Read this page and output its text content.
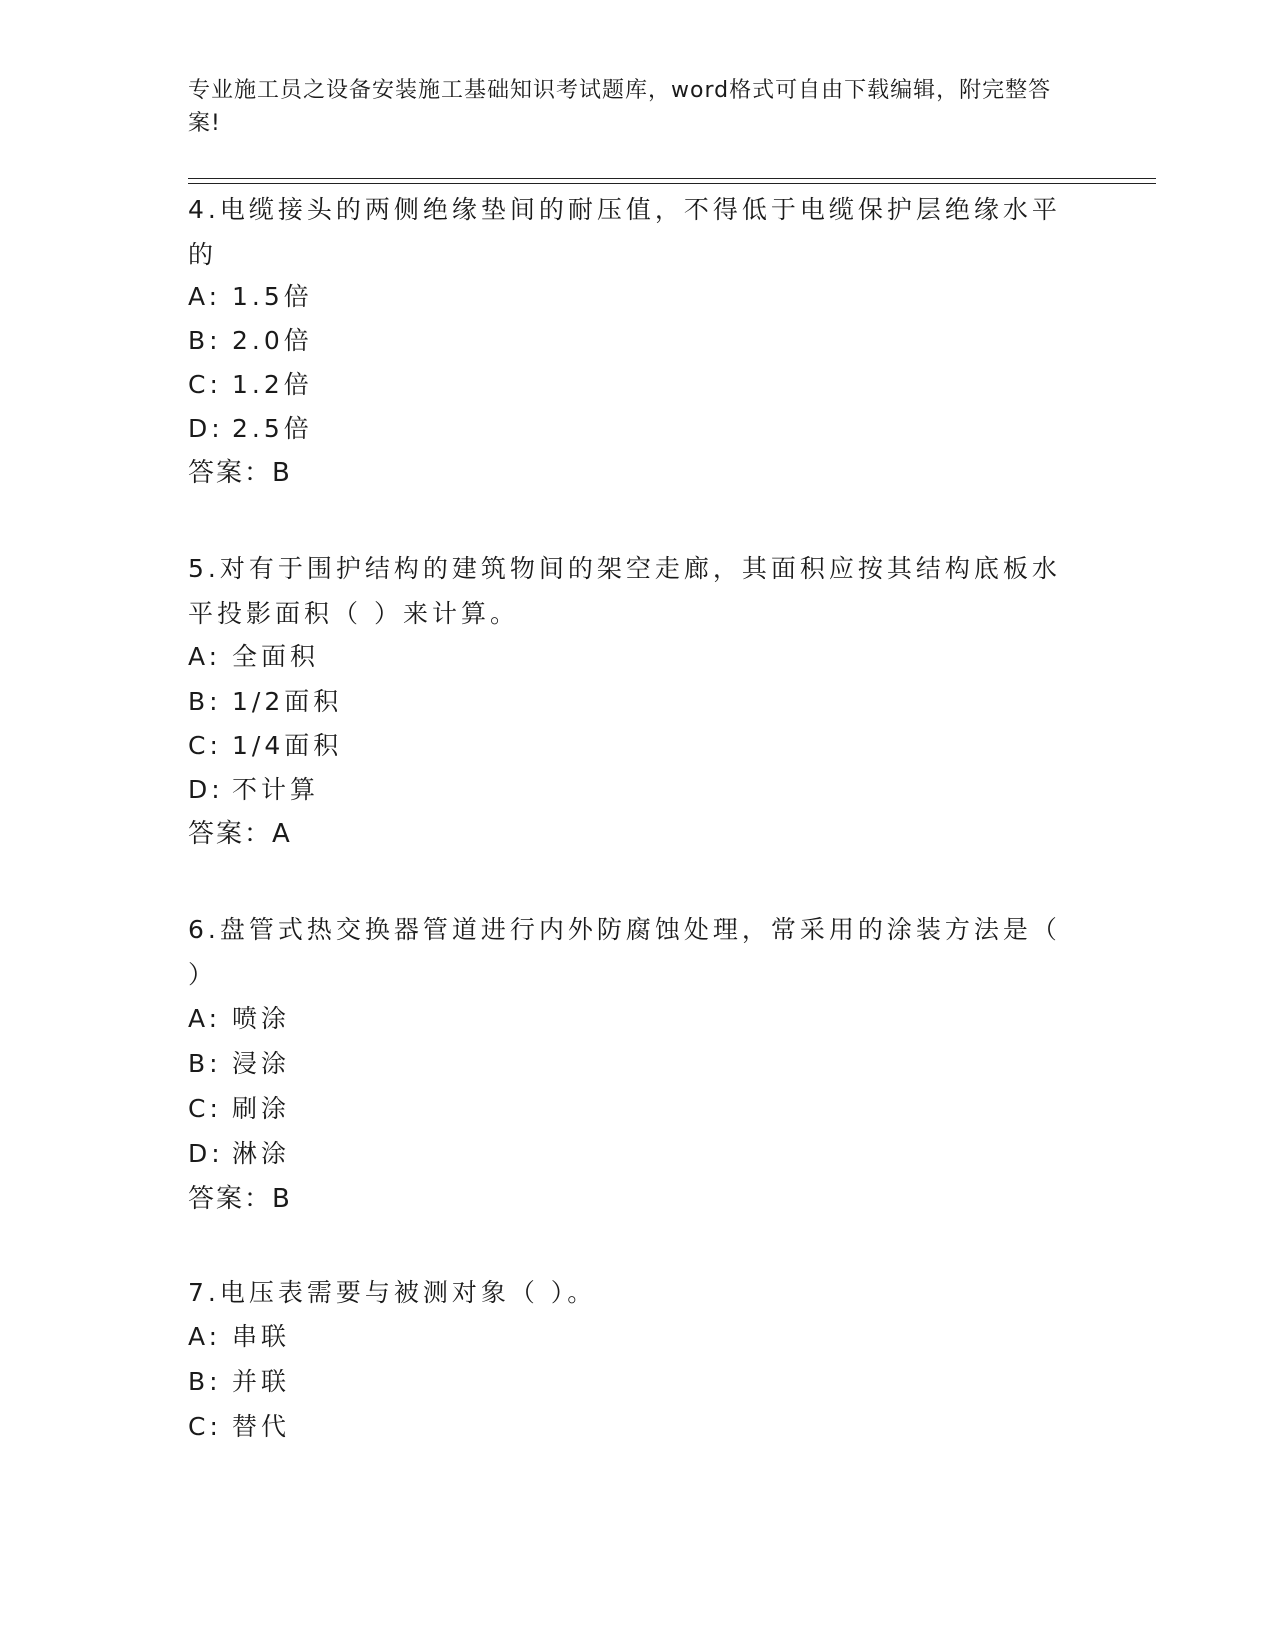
专业施工员之设备安装施工基础知识考试题库，word格式可自由下载编辑，附完整答案!
4.电缆接头的两侧绝缘垫间的耐压值，不得低于电缆保护层绝缘水平的
A: 1.5倍
B: 2.0倍
C: 1.2倍
D: 2.5倍
答案：B
5.对有于围护结构的建筑物间的架空走廊，其面积应按其结构底板水平投影面积（ ）来计算。
A: 全面积
B: 1/2面积
C: 1/4面积
D: 不计算
答案：A
6.盘管式热交换器管道进行内外防腐蚀处理，常采用的涂装方法是（ ）
A: 喷涂
B: 浸涂
C: 刷涂
D: 淋涂
答案：B
7.电压表需要与被测对象（ ）。
A: 串联
B: 并联
C: 替代
